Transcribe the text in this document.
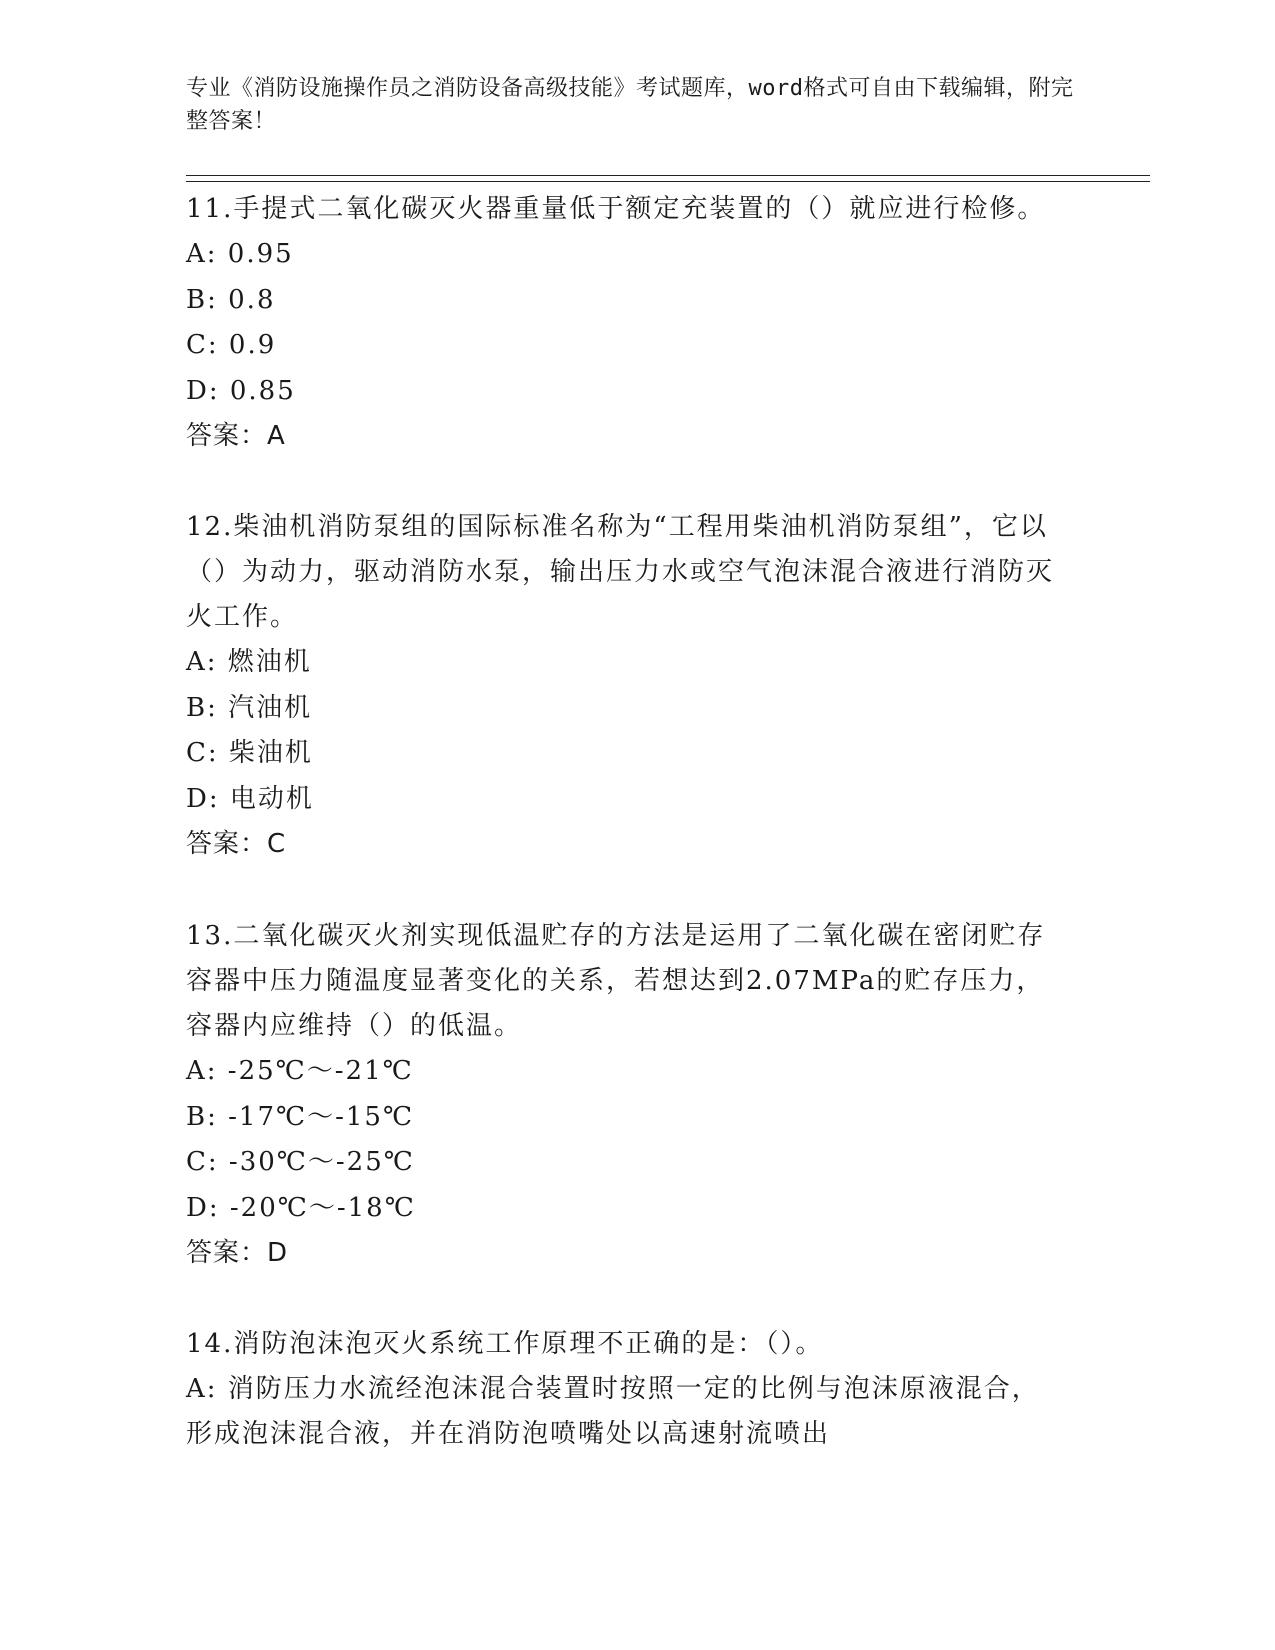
专业《消防设施操作员之消防设备高级技能》考试题库，word格式可自由下载编辑，附完整答案！
11.手提式二氧化碳灭火器重量低于额定充装置的（）就应进行检修。
A: 0.95
B: 0.8
C: 0.9
D: 0.85
答案：A
12.柴油机消防泵组的国际标准名称为“工程用柴油机消防泵组”，它以（）为动力，驱动消防水泵，输出压力水或空气泡沫混合液进行消防灭火工作。
A: 燃油机
B: 汽油机
C: 柴油机
D: 电动机
答案：C
13.二氧化碳灭火剂实现低温贮存的方法是运用了二氧化碳在密闭贮存容器中压力随温度显著变化的关系，若想达到2.07MPa的贮存压力，容器内应维持（）的低温。
A: -25℃～-21℃
B: -17℃～-15℃
C: -30℃～-25℃
D: -20℃～-18℃
答案：D
14.消防泡沫泡灭火系统工作原理不正确的是：（）。
A: 消防压力水流经泡沫混合装置时按照一定的比例与泡沫原液混合，形成泡沫混合液，并在消防泡喷嘴处以高速射流喷出
